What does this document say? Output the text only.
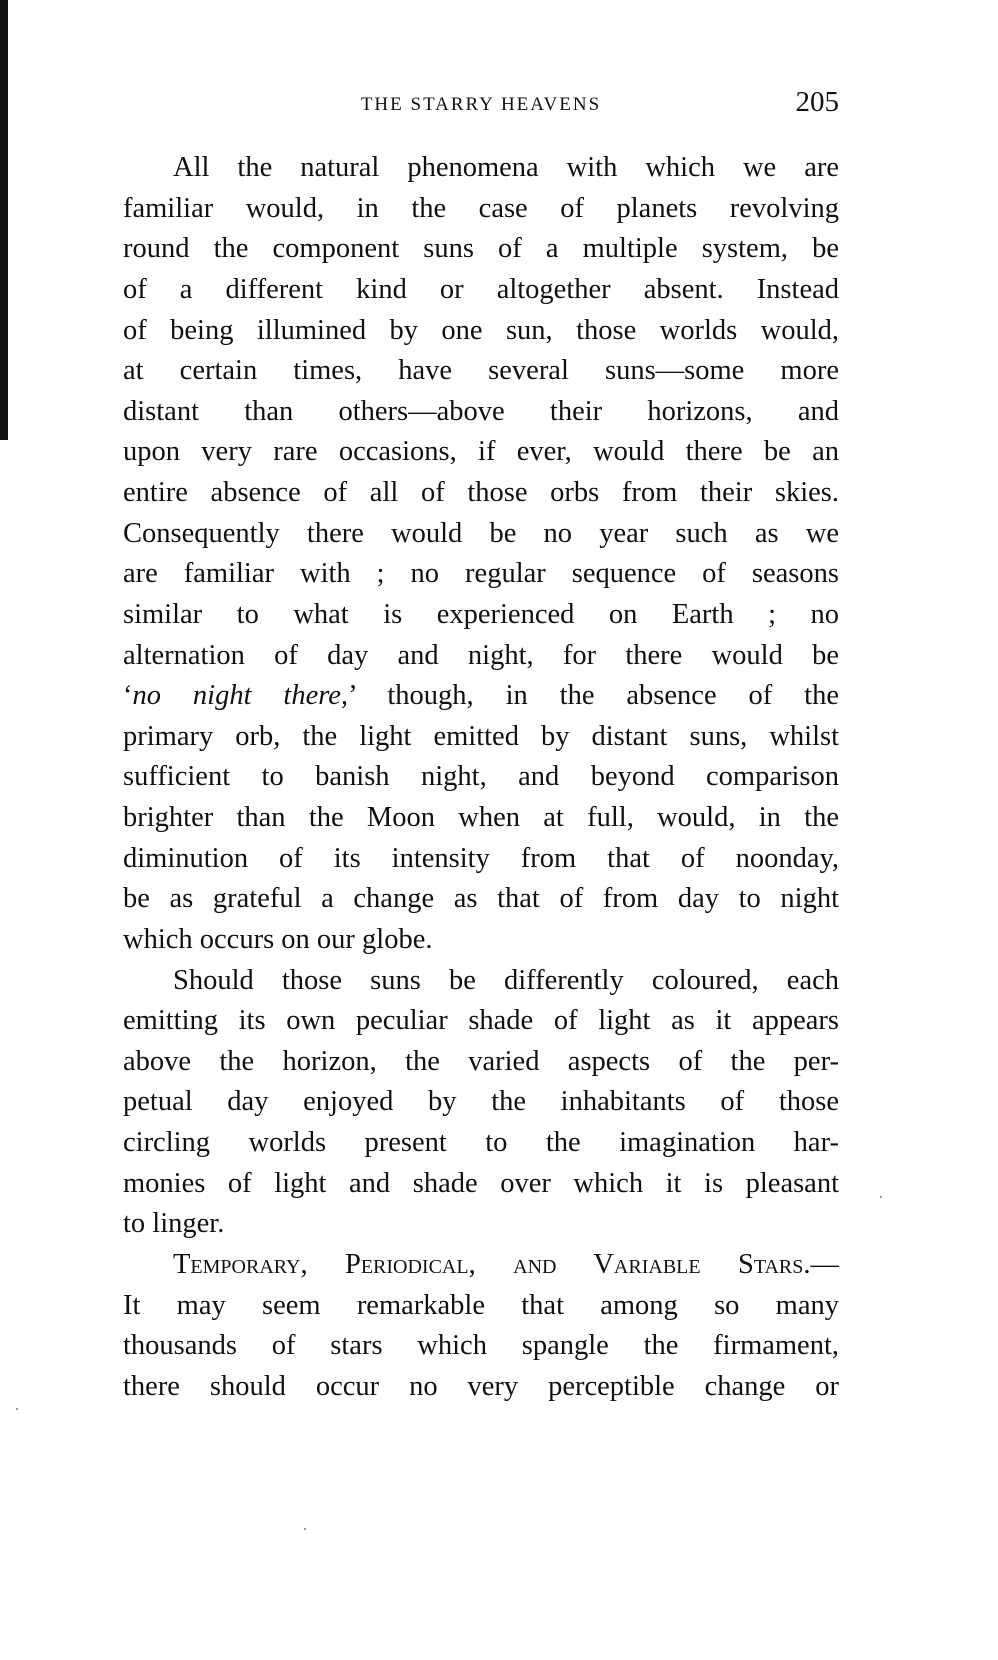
THE STARRY HEAVENS	205
All the natural phenomena with which we are
familiar would, in the case of planets revolving
round the component suns of a multiple system, be
of a different kind or altogether absent. Instead
of being illumined by one sun, those worlds would,
at certain times, have several suns—some more
distant than others—above their horizons, and
upon very rare occasions, if ever, would there be an
entire absence of all of those orbs from their skies.
Consequently there would be no year such as we
are familiar with ; no regular sequence of seasons
similar to what is experienced on Earth ; no
alternation of day and night, for there would be
‘no night there,’ though, in the absence of the
primary orb, the light emitted by distant suns, whilst
sufficient to banish night, and beyond comparison
brighter than the Moon when at full, would, in the
diminution of its intensity from that of noonday,
be as grateful a change as that of from day to night
which occurs on our globe.
Should those suns be differently coloured, each
emitting its own peculiar shade of light as it appears
above the horizon, the varied aspects of the per-
petual day enjoyed by the inhabitants of those
circling worlds present to the imagination har-
monies of light and shade over which it is pleasant
to linger.
Temporary, Periodical, and Variable Stars.—
It may seem remarkable that among so many
thousands of stars which spangle the firmament,
there should occur no very perceptible change or
